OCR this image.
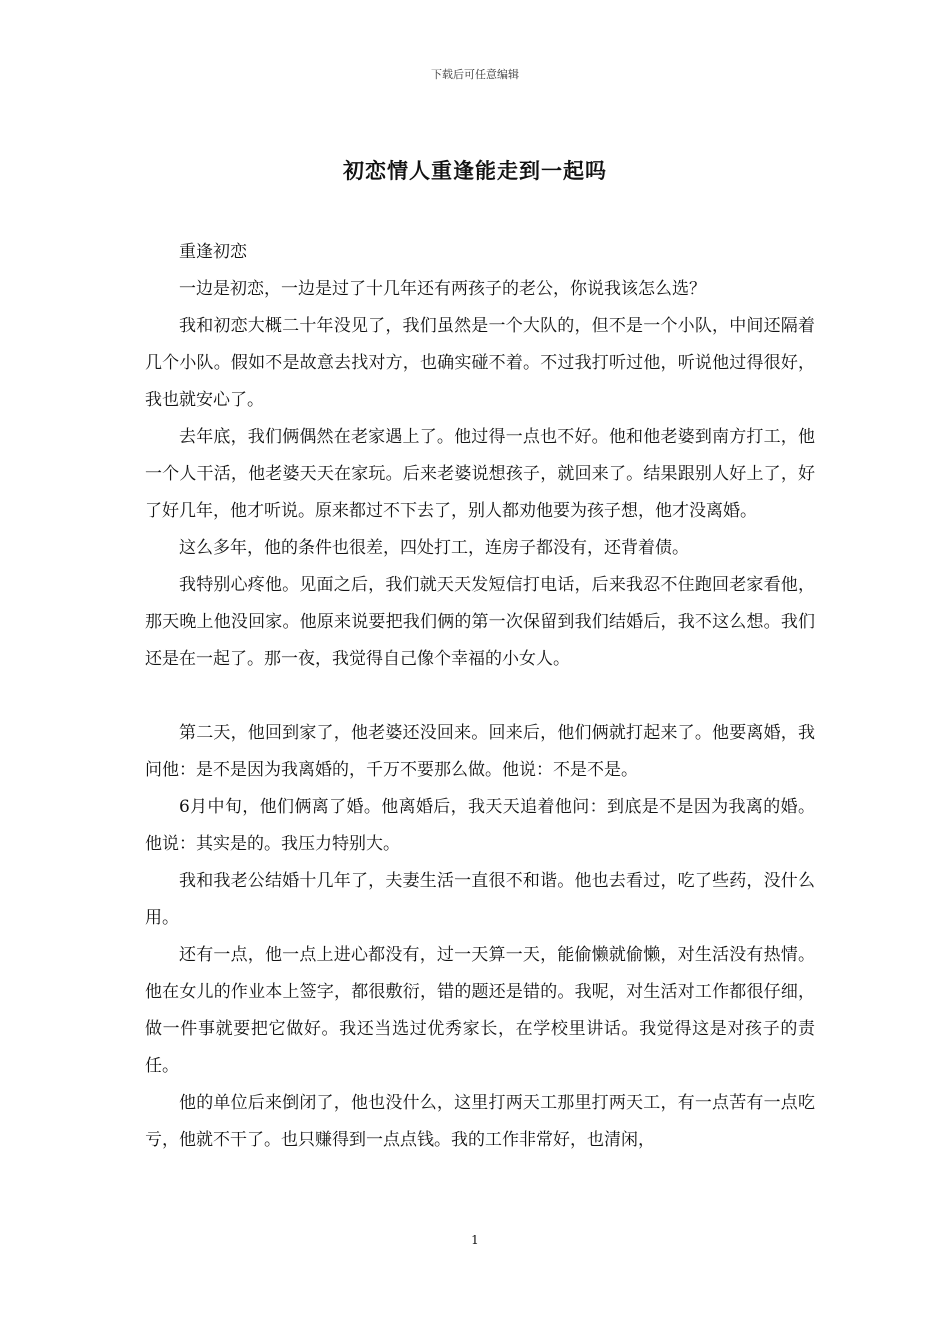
下载后可任意编辑
初恋情人重逢能走到一起吗

重逢初恋

一边是初恋，一边是过了十几年还有两孩子的老公，你说我该怎么选？

我和初恋大概二十年没见了，我们虽然是一个大队的，但不是一个小队，中间还隔着几个小队。假如不是故意去找对方，也确实碰不着。不过我打听过他，听说他过得很好，我也就安心了。

去年底，我们俩偶然在老家遇上了。他过得一点也不好。他和他老婆到南方打工，他一个人干活，他老婆天天在家玩。后来老婆说想孩子，就回来了。结果跟别人好上了，好了好几年，他才听说。原来都过不下去了，别人都劝他要为孩子想，他才没离婚。

这么多年，他的条件也很差，四处打工，连房子都没有，还背着债。

我特别心疼他。见面之后，我们就天天发短信打电话，后来我忍不住跑回老家看他，那天晚上他没回家。他原来说要把我们俩的第一次保留到我们结婚后，我不这么想。我们还是在一起了。那一夜，我觉得自己像个幸福的小女人。

第二天，他回到家了，他老婆还没回来。回来后，他们俩就打起来了。他要离婚，我问他：是不是因为我离婚的，千万不要那么做。他说：不是不是。

6月中旬，他们俩离了婚。他离婚后，我天天追着他问：到底是不是因为我离的婚。他说：其实是的。我压力特别大。

我和我老公结婚十几年了，夫妻生活一直很不和谐。他也去看过，吃了些药，没什么用。

还有一点，他一点上进心都没有，过一天算一天，能偷懒就偷懒，对生活没有热情。他在女儿的作业本上签字，都很敷衍，错的题还是错的。我呢，对生活对工作都很仔细，做一件事就要把它做好。我还当选过优秀家长，在学校里讲话。我觉得这是对孩子的责任。

他的单位后来倒闭了，他也没什么，这里打两天工那里打两天工，有一点苦有一点吃亏，他就不干了。也只赚得到一点点钱。我的工作非常好，也清闲，

1
